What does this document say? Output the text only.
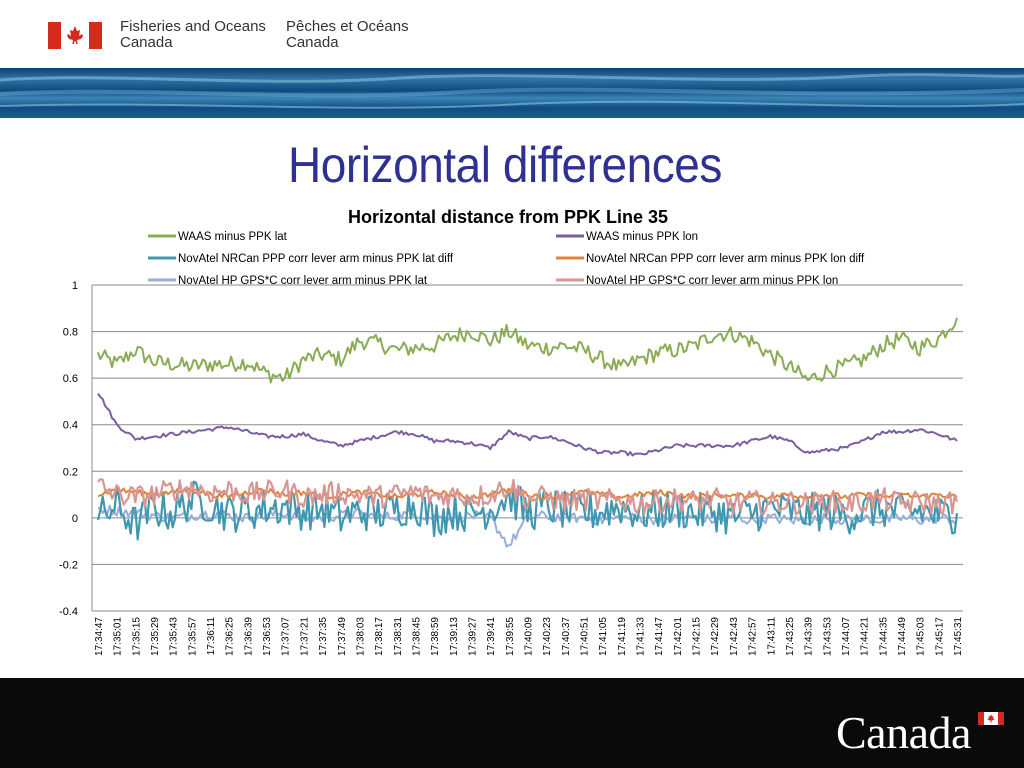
Fisheries and Oceans
Canada
Pêches et Océans
Canada
Horizontal differences
Horizontal distance from PPK Line 35
WAAS minus PPK lat	WAAS minus PPK lon
NovAtel NRCan PPP corr lever arm minus PPK lat diff	NovAtel NRCan PPP corr lever arm minus PPK lon diff
NovAtel HP GPS*C corr lever arm minus PPK lat	NovAtel HP GPS*C corr lever arm minus PPK lon
1
0.8
0.6
0.4
0.2
0
-0.2
-0.4
17:34:47 17:35:01 17:35:15 17:35:29 17:35:43 17:35:57 17:36:11 17:36:25 17:36:39 17:36:53 17:37:07 17:37:21 17:37:35 17:37:49 17:38:03 17:38:17 17:38:31 17:38:45 17:38:59 17:39:13 17:39:27 17:39:41 17:39:55 17:40:09 17:40:23 17:40:37 17:40:51 17:41:05 17:41:19 17:41:33 17:41:47 17:42:01 17:42:15 17:42:29 17:42:43 17:42:57 17:43:11 17:43:25 17:43:39 17:43:53 17:44:07 17:44:21 17:44:35 17:44:49 17:45:03 17:45:17 17:45:31
Canada
